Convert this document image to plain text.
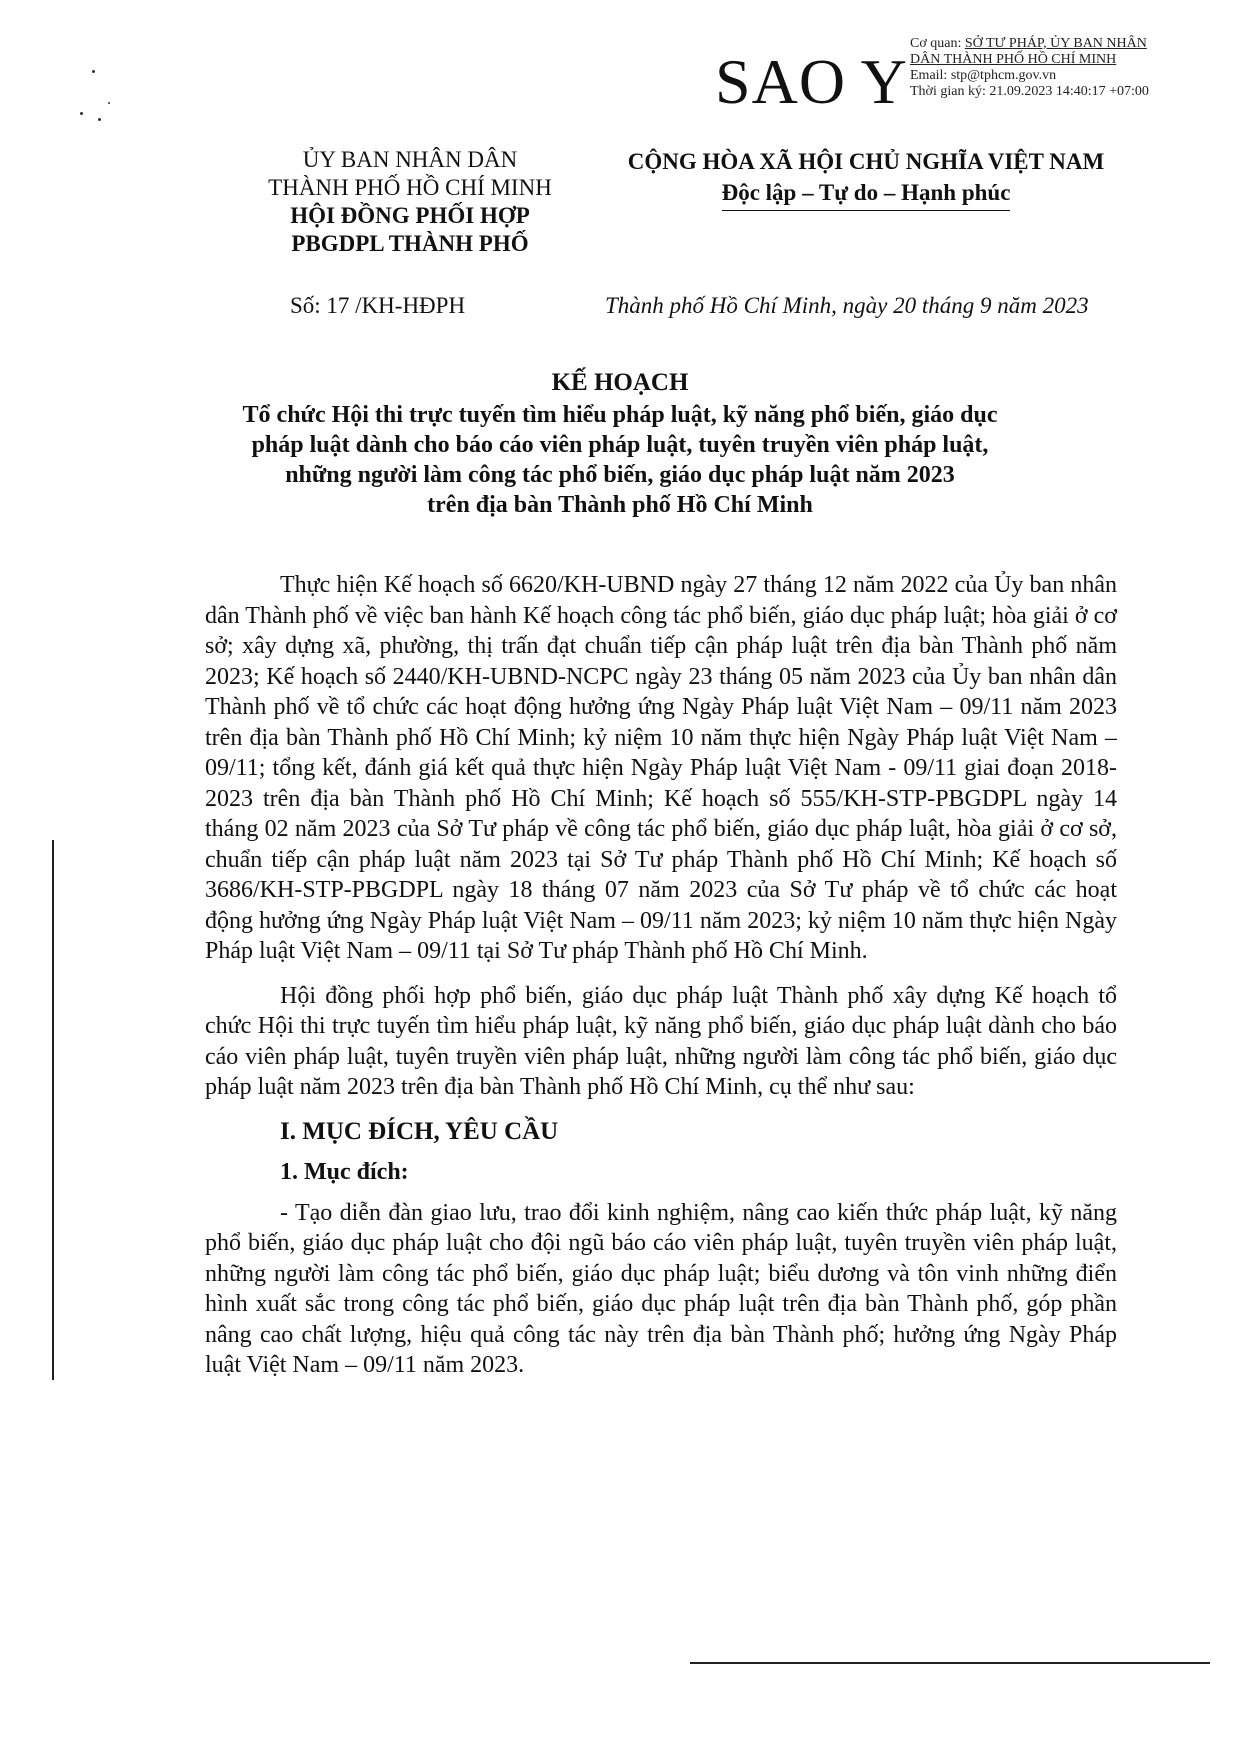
SAO Y
Cơ quan: SỞ TƯ PHÁP, ỦY BAN NHÂN
DÂN THÀNH PHỐ HỒ CHÍ MINH
Email: stp@tphcm.gov.vn
Thời gian ký: 21.09.2023 14:40:17 +07:00
ỦY BAN NHÂN DÂN
THÀNH PHỐ HỒ CHÍ MINH
HỘI ĐỒNG PHỐI HỢP
PBGDPL THÀNH PHỐ
CỘNG HÒA XÃ HỘI CHỦ NGHĨA VIỆT NAM
Độc lập – Tự do – Hạnh phúc
Số: 17 /KH-HĐPH	Thành phố Hồ Chí Minh, ngày 20 tháng 9 năm 2023
KẾ HOẠCH
Tổ chức Hội thi trực tuyến tìm hiểu pháp luật, kỹ năng phổ biến, giáo dục
pháp luật dành cho báo cáo viên pháp luật, tuyên truyền viên pháp luật,
những người làm công tác phổ biến, giáo dục pháp luật năm 2023
trên địa bàn Thành phố Hồ Chí Minh

Thực hiện Kế hoạch số 6620/KH-UBND ngày 27 tháng 12 năm 2022 của Ủy ban nhân dân Thành phố về việc ban hành Kế hoạch công tác phổ biến, giáo dục pháp luật; hòa giải ở cơ sở; xây dựng xã, phường, thị trấn đạt chuẩn tiếp cận pháp luật trên địa bàn Thành phố năm 2023; Kế hoạch số 2440/KH-UBND-NCPC ngày 23 tháng 05 năm 2023 của Ủy ban nhân dân Thành phố về tổ chức các hoạt động hưởng ứng Ngày Pháp luật Việt Nam – 09/11 năm 2023 trên địa bàn Thành phố Hồ Chí Minh; kỷ niệm 10 năm thực hiện Ngày Pháp luật Việt Nam – 09/11; tổng kết, đánh giá kết quả thực hiện Ngày Pháp luật Việt Nam - 09/11 giai đoạn 2018-2023 trên địa bàn Thành phố Hồ Chí Minh; Kế hoạch số 555/KH-STP-PBGDPL ngày 14 tháng 02 năm 2023 của Sở Tư pháp về công tác phổ biến, giáo dục pháp luật, hòa giải ở cơ sở, chuẩn tiếp cận pháp luật năm 2023 tại Sở Tư pháp Thành phố Hồ Chí Minh; Kế hoạch số 3686/KH-STP-PBGDPL ngày 18 tháng 07 năm 2023 của Sở Tư pháp về tổ chức các hoạt động hưởng ứng Ngày Pháp luật Việt Nam – 09/11 năm 2023; kỷ niệm 10 năm thực hiện Ngày Pháp luật Việt Nam – 09/11 tại Sở Tư pháp Thành phố Hồ Chí Minh.

Hội đồng phối hợp phổ biến, giáo dục pháp luật Thành phố xây dựng Kế hoạch tổ chức Hội thi trực tuyến tìm hiểu pháp luật, kỹ năng phổ biến, giáo dục pháp luật dành cho báo cáo viên pháp luật, tuyên truyền viên pháp luật, những người làm công tác phổ biến, giáo dục pháp luật năm 2023 trên địa bàn Thành phố Hồ Chí Minh, cụ thể như sau:

I. MỤC ĐÍCH, YÊU CẦU
1. Mục đích:

- Tạo diễn đàn giao lưu, trao đổi kinh nghiệm, nâng cao kiến thức pháp luật, kỹ năng phổ biến, giáo dục pháp luật cho đội ngũ báo cáo viên pháp luật, tuyên truyền viên pháp luật, những người làm công tác phổ biến, giáo dục pháp luật; biểu dương và tôn vinh những điển hình xuất sắc trong công tác phổ biến, giáo dục pháp luật trên địa bàn Thành phố, góp phần nâng cao chất lượng, hiệu quả công tác này trên địa bàn Thành phố; hưởng ứng Ngày Pháp luật Việt Nam – 09/11 năm 2023.
